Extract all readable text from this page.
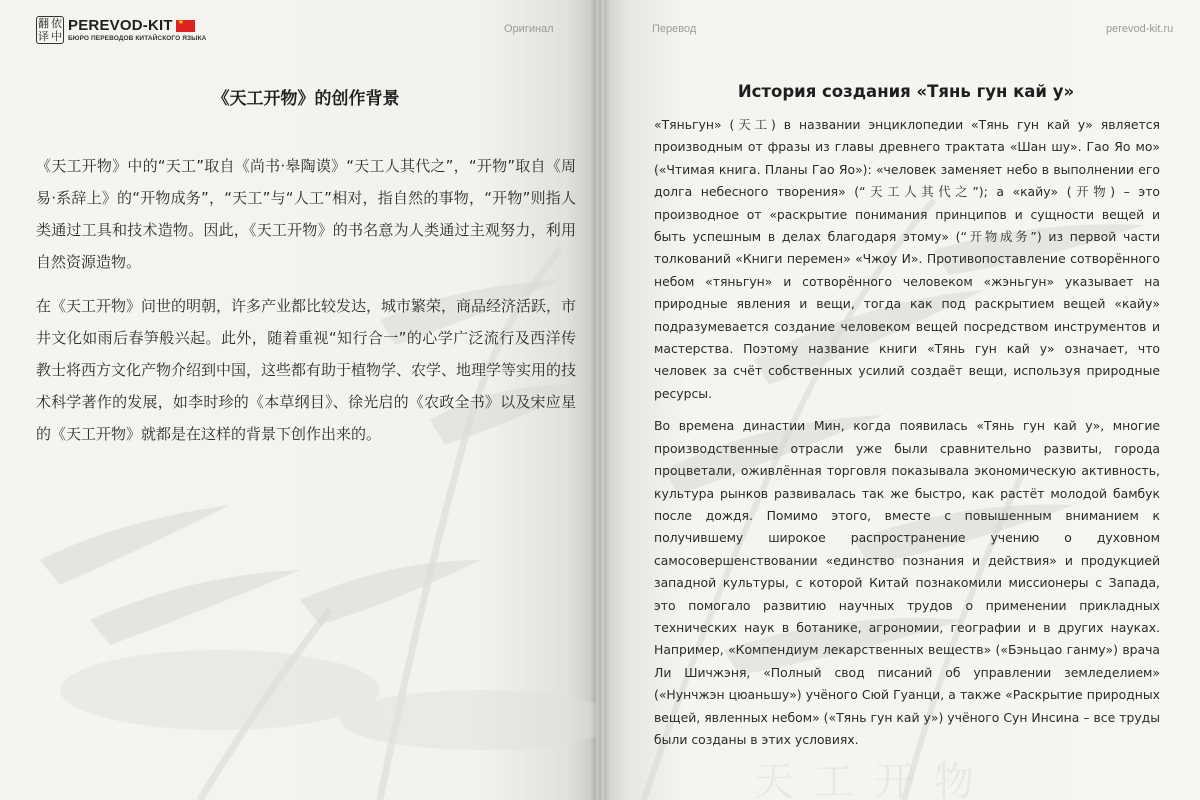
翻 依
译 中
PEREVOD-KIT
★
БЮРО ПЕРЕВОДОВ КИТАЙСКОГО ЯЗЫКА
Оригинал
《天工开物》的创作背景

《天工开物》中的“天工”取自《尚书·皋陶谟》“天工人其代之”，“开物”取自《周易·系辞上》的“开物成务”，“天工”与“人工”相对，指自然的事物，“开物”则指人类通过工具和技术造物。因此，《天工开物》的书名意为人类通过主观努力，利用自然资源造物。

在《天工开物》问世的明朝，许多产业都比较发达，城市繁荣，商品经济活跃，市井文化如雨后春笋般兴起。此外，随着重视“知行合一”的心学广泛流行及西洋传教士将西方文化产物介绍到中国，这些都有助于植物学、农学、地理学等实用的技术科学著作的发展，如李时珍的《本草纲目》、徐光启的《农政全书》以及宋应星的《天工开物》就都是在这样的背景下创作出来的。

天 工 开 物
Перевод	perevod-kit.ru
История создания «Тянь гун кай у»

«Тяньгун» (天工) в названии энциклопедии «Тянь гун кай у» является производным от фразы из главы древнего трактата «Шан шу». Гао Яо мо» («Чтимая книга. Планы Гао Яо»): «человек заменяет небо в выполнении его долга небесного творения» (“天工人其代之”); а «кайу» (开物) – это производное от «раскрытие понимания принципов и сущности вещей и быть успешным в делах благодаря этому» (“开物成务”) из первой части толкований «Книги перемен» «Чжоу И». Противопоставление сотворённого небом «тяньгун» и сотворённого человеком «жэньгун» указывает на природные явления и вещи, тогда как под раскрытием вещей «кайу» подразумевается создание человеком вещей посредством инструментов и мастерства. Поэтому название книги «Тянь гун кай у» означает, что человек за счёт собственных усилий создаёт вещи, используя природные ресурсы.

Во времена династии Мин, когда появилась «Тянь гун кай у», многие производственные отрасли уже были сравнительно развиты, города процветали, оживлённая торговля показывала экономическую активность, культура рынков развивалась так же быстро, как растёт молодой бамбук после дождя. Помимо этого, вместе с повышенным вниманием к получившему широкое распространение учению о духовном самосовершенствовании «единство познания и действия» и продукцией западной культуры, с которой Китай познакомили миссионеры с Запада, это помогало развитию научных трудов о применении прикладных технических наук в ботанике, агрономии, географии и в других науках. Например, «Компендиум лекарственных веществ» («Бэньцао ганму») врача Ли Шичжэня, «Полный свод писаний об управлении земледелием» («Нунчжэн цюаньшу») учёного Сюй Гуанци, а также «Раскрытие природных вещей, явленных небом» («Тянь гун кай у») учёного Сун Инсина – все труды были созданы в этих условиях.
